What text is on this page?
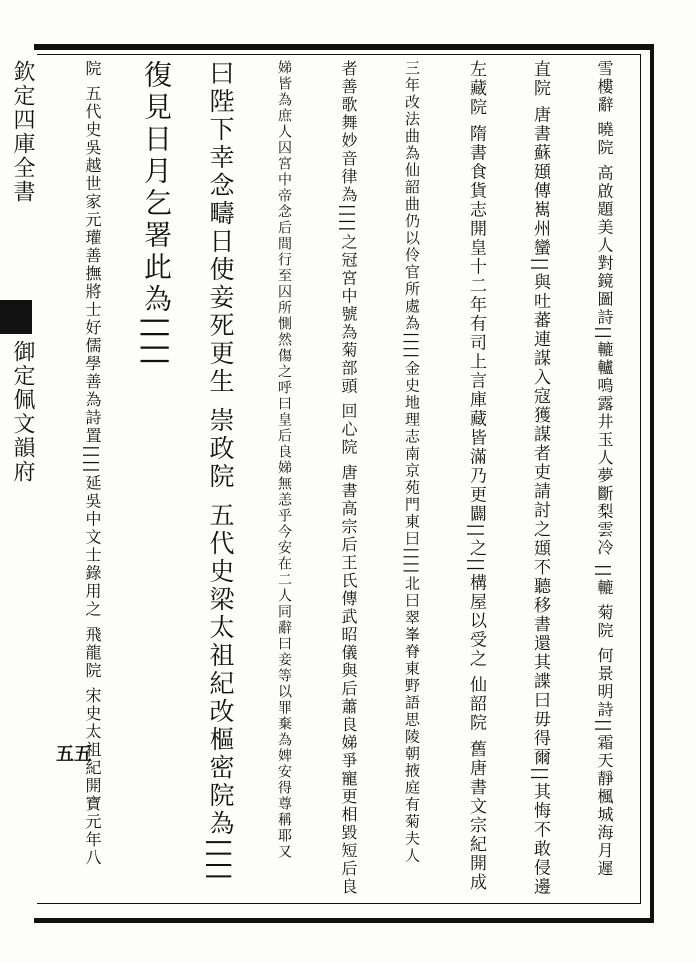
欽定四庫全書
御定佩文韻府
五五	雪樓辭 曉院 高啟題美人對鏡圖詩||轆轤鳴露井玉人夢斷梨雲冷 ||轆 菊院 何景明詩||霜天靜楓城海月遲
直院 唐書蘇頲傳嶲州蠻||與吐蕃連謀入寇獲謀者吏請討之頲不聽移書還其諜曰毋得爾||其悔不敢侵邊
左藏院 隋書食貨志開皇十二年有司上言庫藏皆滿乃更闢||之||構屋以受之 仙韶院 舊唐書文宗紀開成
三年改法曲為仙韶曲仍以伶官所處為||||金史地理志南京苑門東曰||||北曰翠峯脊東野語思陵朝掖庭有菊夫人
者善歌舞妙音律為||||之冠宮中號為菊部頭 回心院 唐書高宗后王氏傳武昭儀與后蕭良娣爭寵更相毀短后良
娣皆為庶人囚宮中帝念后間行至囚所惻然傷之呼曰皇后良娣無恙乎今安在二人同辭曰妾等以罪棄為婢安得尊稱耶又
曰陛下幸念疇日使妾死更生 崇政院 五代史梁太祖紀改樞密院為||||
復見日月乞署此為||||
院 五代史吳越世家元瓘善撫將士好儒學善為詩置||||延吳中文士錄用之 飛龍院 宋史太祖紀開寶元年八
